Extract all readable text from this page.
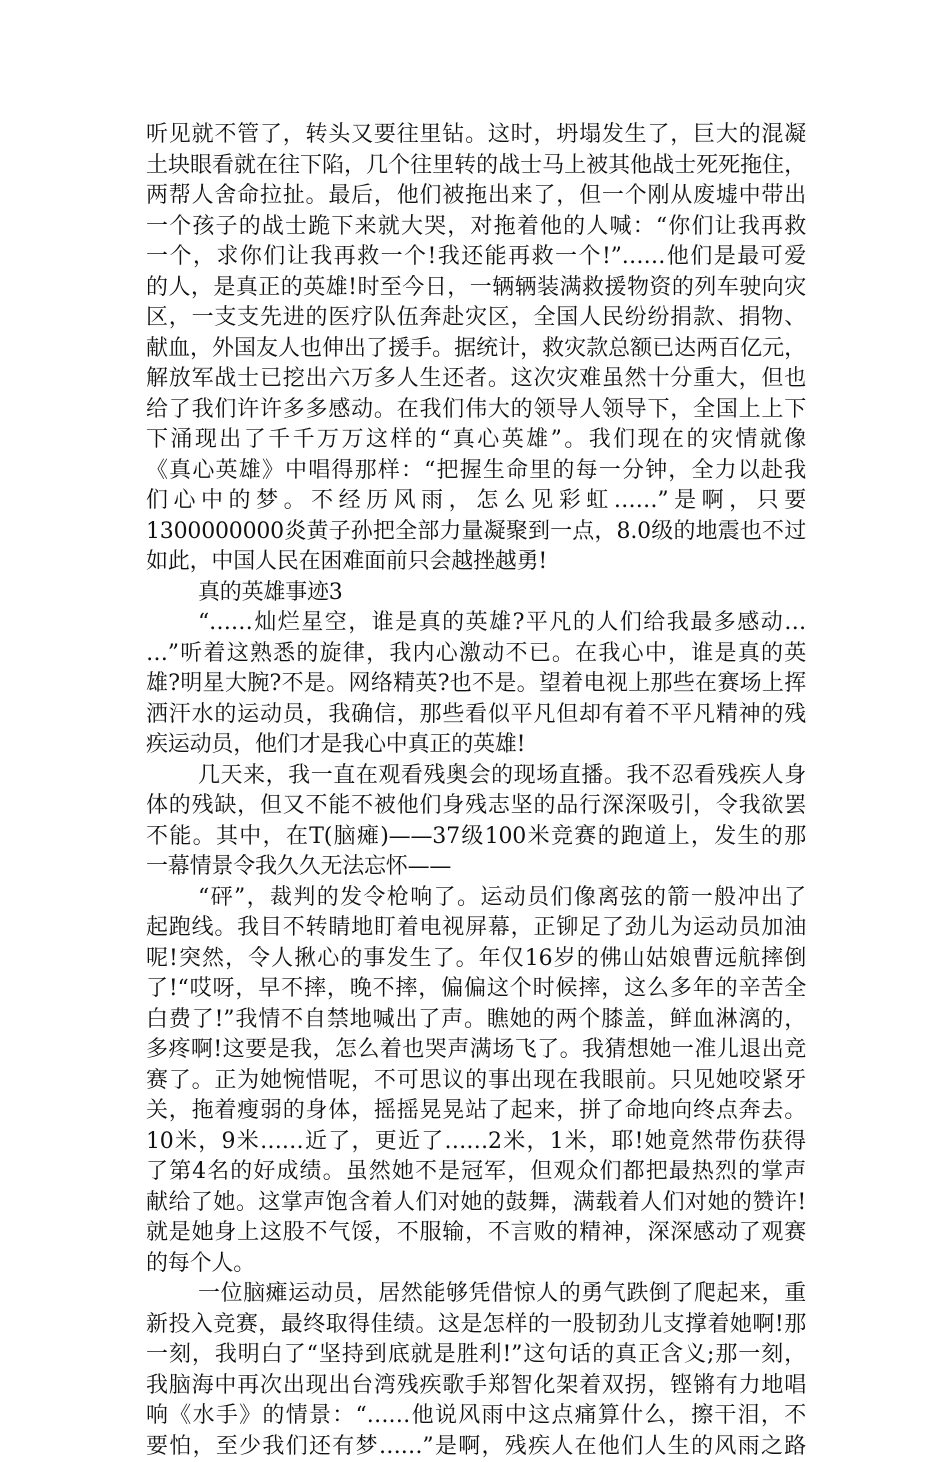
听见就不管了，转头又要往里钻。这时，坍塌发生了，巨大的混凝
土块眼看就在往下陷，几个往里转的战士马上被其他战士死死拖住，
两帮人舍命拉扯。最后，他们被拖出来了，但一个刚从废墟中带出
一个孩子的战士跪下来就大哭，对拖着他的人喊：“你们让我再救
一个，求你们让我再救一个!我还能再救一个!”……他们是最可爱
的人，是真正的英雄!时至今日，一辆辆装满救援物资的列车驶向灾
区，一支支先进的医疗队伍奔赴灾区，全国人民纷纷捐款、捐物、
献血，外国友人也伸出了援手。据统计，救灾款总额已达两百亿元，
解放军战士已挖出六万多人生还者。这次灾难虽然十分重大，但也
给了我们许许多多感动。在我们伟大的领导人领导下，全国上上下
下涌现出了千千万万这样的“真心英雄”。我们现在的灾情就像
《真心英雄》中唱得那样：“把握生命里的每一分钟，全力以赴我
们心中的梦。不经历风雨，怎么见彩虹……”是啊，只要
1300000000炎黄子孙把全部力量凝聚到一点，8.0级的地震也不过
如此，中国人民在困难面前只会越挫越勇!
真的英雄事迹3
“……灿烂星空，谁是真的英雄?平凡的人们给我最多感动…
…”听着这熟悉的旋律，我内心激动不已。在我心中，谁是真的英
雄?明星大腕?不是。网络精英?也不是。望着电视上那些在赛场上挥
洒汗水的运动员，我确信，那些看似平凡但却有着不平凡精神的残
疾运动员，他们才是我心中真正的英雄!
几天来，我一直在观看残奥会的现场直播。我不忍看残疾人身
体的残缺，但又不能不被他们身残志坚的品行深深吸引，令我欲罢
不能。其中，在T(脑瘫)——37级100米竞赛的跑道上，发生的那
一幕情景令我久久无法忘怀——
“砰”，裁判的发令枪响了。运动员们像离弦的箭一般冲出了
起跑线。我目不转睛地盯着电视屏幕，正铆足了劲儿为运动员加油
呢!突然，令人揪心的事发生了。年仅16岁的佛山姑娘曹远航摔倒
了!“哎呀，早不摔，晚不摔，偏偏这个时候摔，这么多年的辛苦全
白费了!”我情不自禁地喊出了声。瞧她的两个膝盖，鲜血淋漓的，
多疼啊!这要是我，怎么着也哭声满场飞了。我猜想她一准儿退出竞
赛了。正为她惋惜呢，不可思议的事出现在我眼前。只见她咬紧牙
关，拖着瘦弱的身体，摇摇晃晃站了起来，拼了命地向终点奔去。
10米，9米……近了，更近了……2米，1米，耶!她竟然带伤获得
了第4名的好成绩。虽然她不是冠军，但观众们都把最热烈的掌声
献给了她。这掌声饱含着人们对她的鼓舞，满载着人们对她的赞许!
就是她身上这股不气馁，不服输，不言败的精神，深深感动了观赛
的每个人。
一位脑瘫运动员，居然能够凭借惊人的勇气跌倒了爬起来，重
新投入竞赛，最终取得佳绩。这是怎样的一股韧劲儿支撑着她啊!那
一刻，我明白了“坚持到底就是胜利!”这句话的真正含义;那一刻，
我脑海中再次出现出台湾残疾歌手郑智化架着双拐，铿锵有力地唱
响《水手》的情景：“……他说风雨中这点痛算什么，擦干泪，不
要怕，至少我们还有梦……”是啊，残疾人在他们人生的风雨之路
